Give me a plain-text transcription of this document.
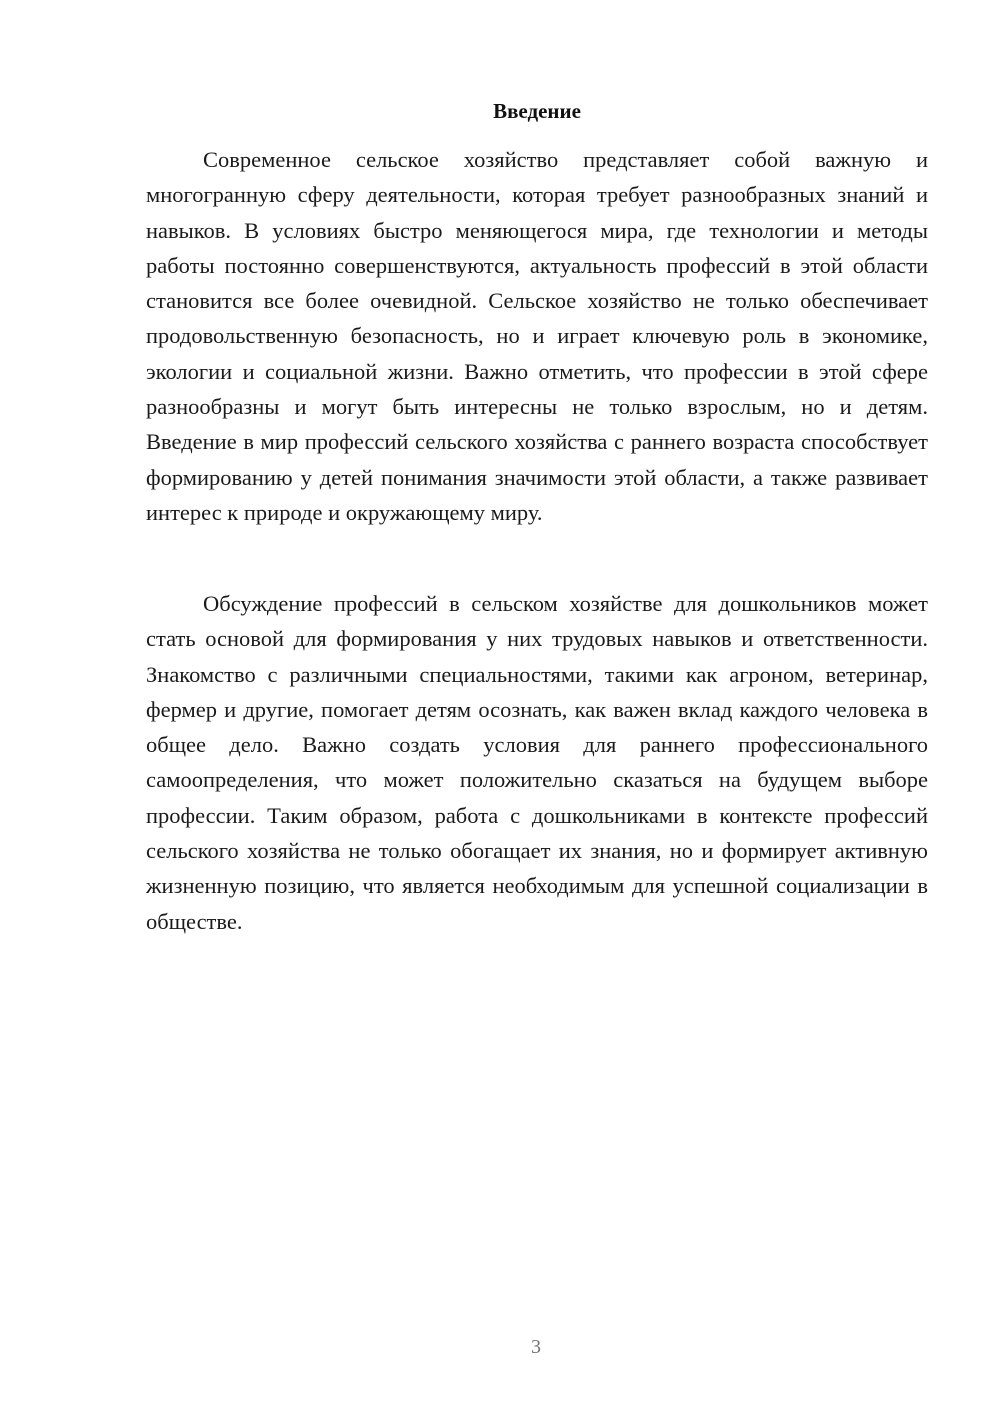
Введение

Современное сельское хозяйство представляет собой важную и многогранную сферу деятельности, которая требует разнообразных знаний и навыков. В условиях быстро меняющегося мира, где технологии и методы работы постоянно совершенствуются, актуальность профессий в этой области становится все более очевидной. Сельское хозяйство не только обеспечивает продовольственную безопасность, но и играет ключевую роль в экономике, экологии и социальной жизни. Важно отметить, что профессии в этой сфере разнообразны и могут быть интересны не только взрослым, но и детям. Введение в мир профессий сельского хозяйства с раннего возраста способствует формированию у детей понимания значимости этой области, а также развивает интерес к природе и окружающему миру.

Обсуждение профессий в сельском хозяйстве для дошкольников может стать основой для формирования у них трудовых навыков и ответственности. Знакомство с различными специальностями, такими как агроном, ветеринар, фермер и другие, помогает детям осознать, как важен вклад каждого человека в общее дело. Важно создать условия для раннего профессионального самоопределения, что может положительно сказаться на будущем выборе профессии. Таким образом, работа с дошкольниками в контексте профессий сельского хозяйства не только обогащает их знания, но и формирует активную жизненную позицию, что является необходимым для успешной социализации в обществе.

3
